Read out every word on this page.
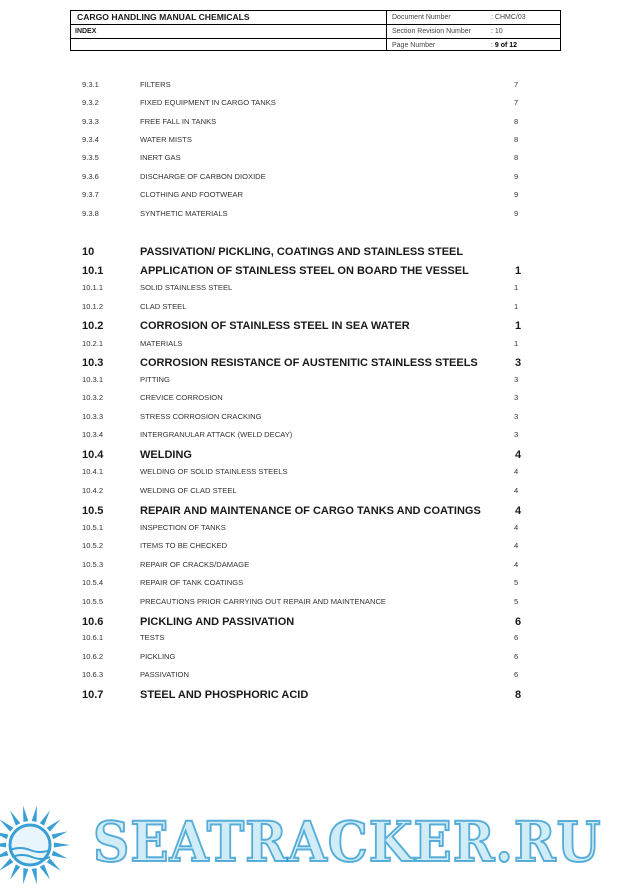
CARGO HANDLING MANUAL CHEMICALS
INDEX
Document Number	: CHMC/03
Section Revision Number	: 10
Page Number	: 9 of 12
9.3.1	FILTERS	7
9.3.2	FIXED EQUIPMENT IN CARGO TANKS	7
9.3.3	FREE FALL IN TANKS	8
9.3.4	WATER MISTS	8
9.3.5	INERT GAS	8
9.3.6	DISCHARGE OF CARBON DIOXIDE	9
9.3.7	CLOTHING AND FOOTWEAR	9
9.3.8	SYNTHETIC MATERIALS	9
10	PASSIVATION/ PICKLING, COATINGS AND STAINLESS STEEL
10.1	APPLICATION OF STAINLESS STEEL ON BOARD THE VESSEL	1
10.1.1	SOLID STAINLESS STEEL	1
10.1.2	CLAD STEEL	1
10.2	CORROSION OF STAINLESS STEEL IN SEA WATER	1
10.2.1	MATERIALS	1
10.3	CORROSION RESISTANCE OF AUSTENITIC STAINLESS STEELS	3
10.3.1	PITTING	3
10.3.2	CREVICE CORROSION	3
10.3.3	STRESS CORROSION CRACKING	3
10.3.4	INTERGRANULAR ATTACK (WELD DECAY)	3
10.4	WELDING	4
10.4.1	WELDING OF SOLID STAINLESS STEELS	4
10.4.2	WELDING OF CLAD STEEL	4
10.5	REPAIR AND MAINTENANCE OF CARGO TANKS AND COATINGS	4
10.5.1	INSPECTION OF TANKS	4
10.5.2	ITEMS TO BE CHECKED	4
10.5.3	REPAIR OF CRACKS/DAMAGE	4
10.5.4	REPAIR OF TANK COATINGS	5
10.5.5	PRECAUTIONS PRIOR CARRYING OUT REPAIR AND MAINTENANCE	5
10.6	PICKLING AND PASSIVATION	6
10.6.1	TESTS	6
10.6.2	PICKLING	6
10.6.3	PASSIVATION	6
10.7	STEEL AND PHOSPHORIC ACID	8
SEATRACKER.RU
